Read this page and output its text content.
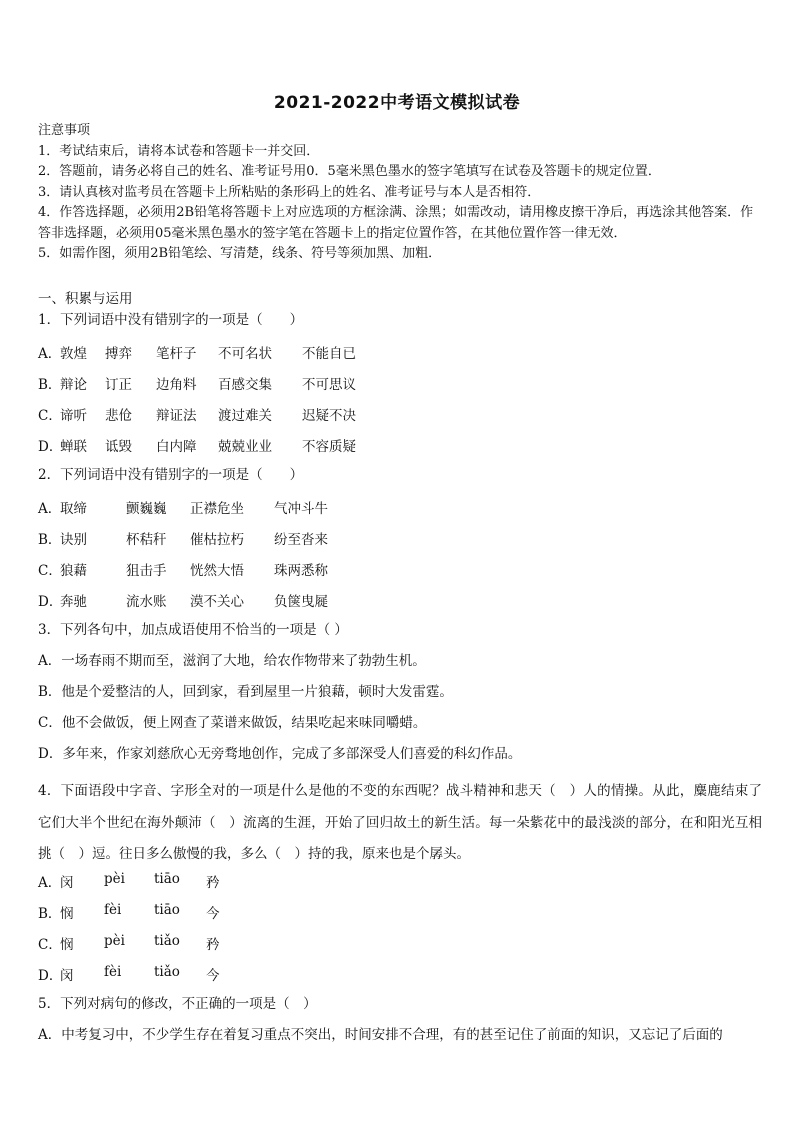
2021-2022中考语文模拟试卷
注意事项
1．考试结束后，请将本试卷和答题卡一并交回．
2．答题前，请务必将自己的姓名、准考证号用0．5毫米黑色墨水的签字笔填写在试卷及答题卡的规定位置．
3．请认真核对监考员在答题卡上所粘贴的条形码上的姓名、准考证号与本人是否相符．
4．作答选择题，必须用2B铅笔将答题卡上对应选项的方框涂满、涂黑；如需改动，请用橡皮擦干净后，再选涂其他答案．作答非选择题，必须用05毫米黑色墨水的签字笔在答题卡上的指定位置作答，在其他位置作答一律无效．
5．如需作图，须用2B铅笔绘、写清楚，线条、符号等须加黑、加粗．
一、积累与运用
1．下列词语中没有错别字的一项是（　　）
A．
敦煌	搏弈	笔杆子	不可名状	不能自已
B．
辩论	订正	边角料	百感交集	不可思议
C．
谛听	悲伧	辩证法	渡过难关	迟疑不决
D．
蝉联	诋毁	白内障	兢兢业业	不容质疑
2．下列词语中没有错别字的一项是（　　）
A．
取缔	颤巍巍	正襟危坐	气冲斗牛
B．
诀别	杯秸秆	催枯拉朽	纷至沓来
C．
狼藉	狙击手	恍然大悟	珠两悉称
D．
奔驰	流水账	漠不关心	负箧曳屣
3．下列各句中，加点成语使用不恰当的一项是（ ）
A．一场春雨不期而至，滋润了大地，给农作物带来了勃勃生机。
B．他是个爱整洁的人，回到家，看到屋里一片狼藉，顿时大发雷霆。
C．他不会做饭，便上网查了菜谱来做饭，结果吃起来味同嚼蜡。
D．多年来，作家刘慈欣心无旁骛地创作，完成了多部深受人们喜爱的科幻作品。
4．下面语段中字音、字形全对的一项是什么是他的不变的东西呢？战斗精神和悲天（　）人的情操。从此，麋鹿结束了它们大半个世纪在海外颠沛（　）流离的生涯，开始了回归故土的新生活。每一朵紫花中的最浅淡的部分，在和阳光互相挑（　）逗。往日多么傲慢的我，多么（　）持的我，原来也是个孱头。
A．
闵	pèi	tiāo	矜
B．
悯	fèi	tiāo	今
C．
悯	pèi	tiǎo	矜
D．
闵	fèi	tiǎo	今
5．下列对病句的修改，不正确的一项是（　）
A．中考复习中，不少学生存在着复习重点不突出，时间安排不合理，有的甚至记住了前面的知识，又忘记了后面的
